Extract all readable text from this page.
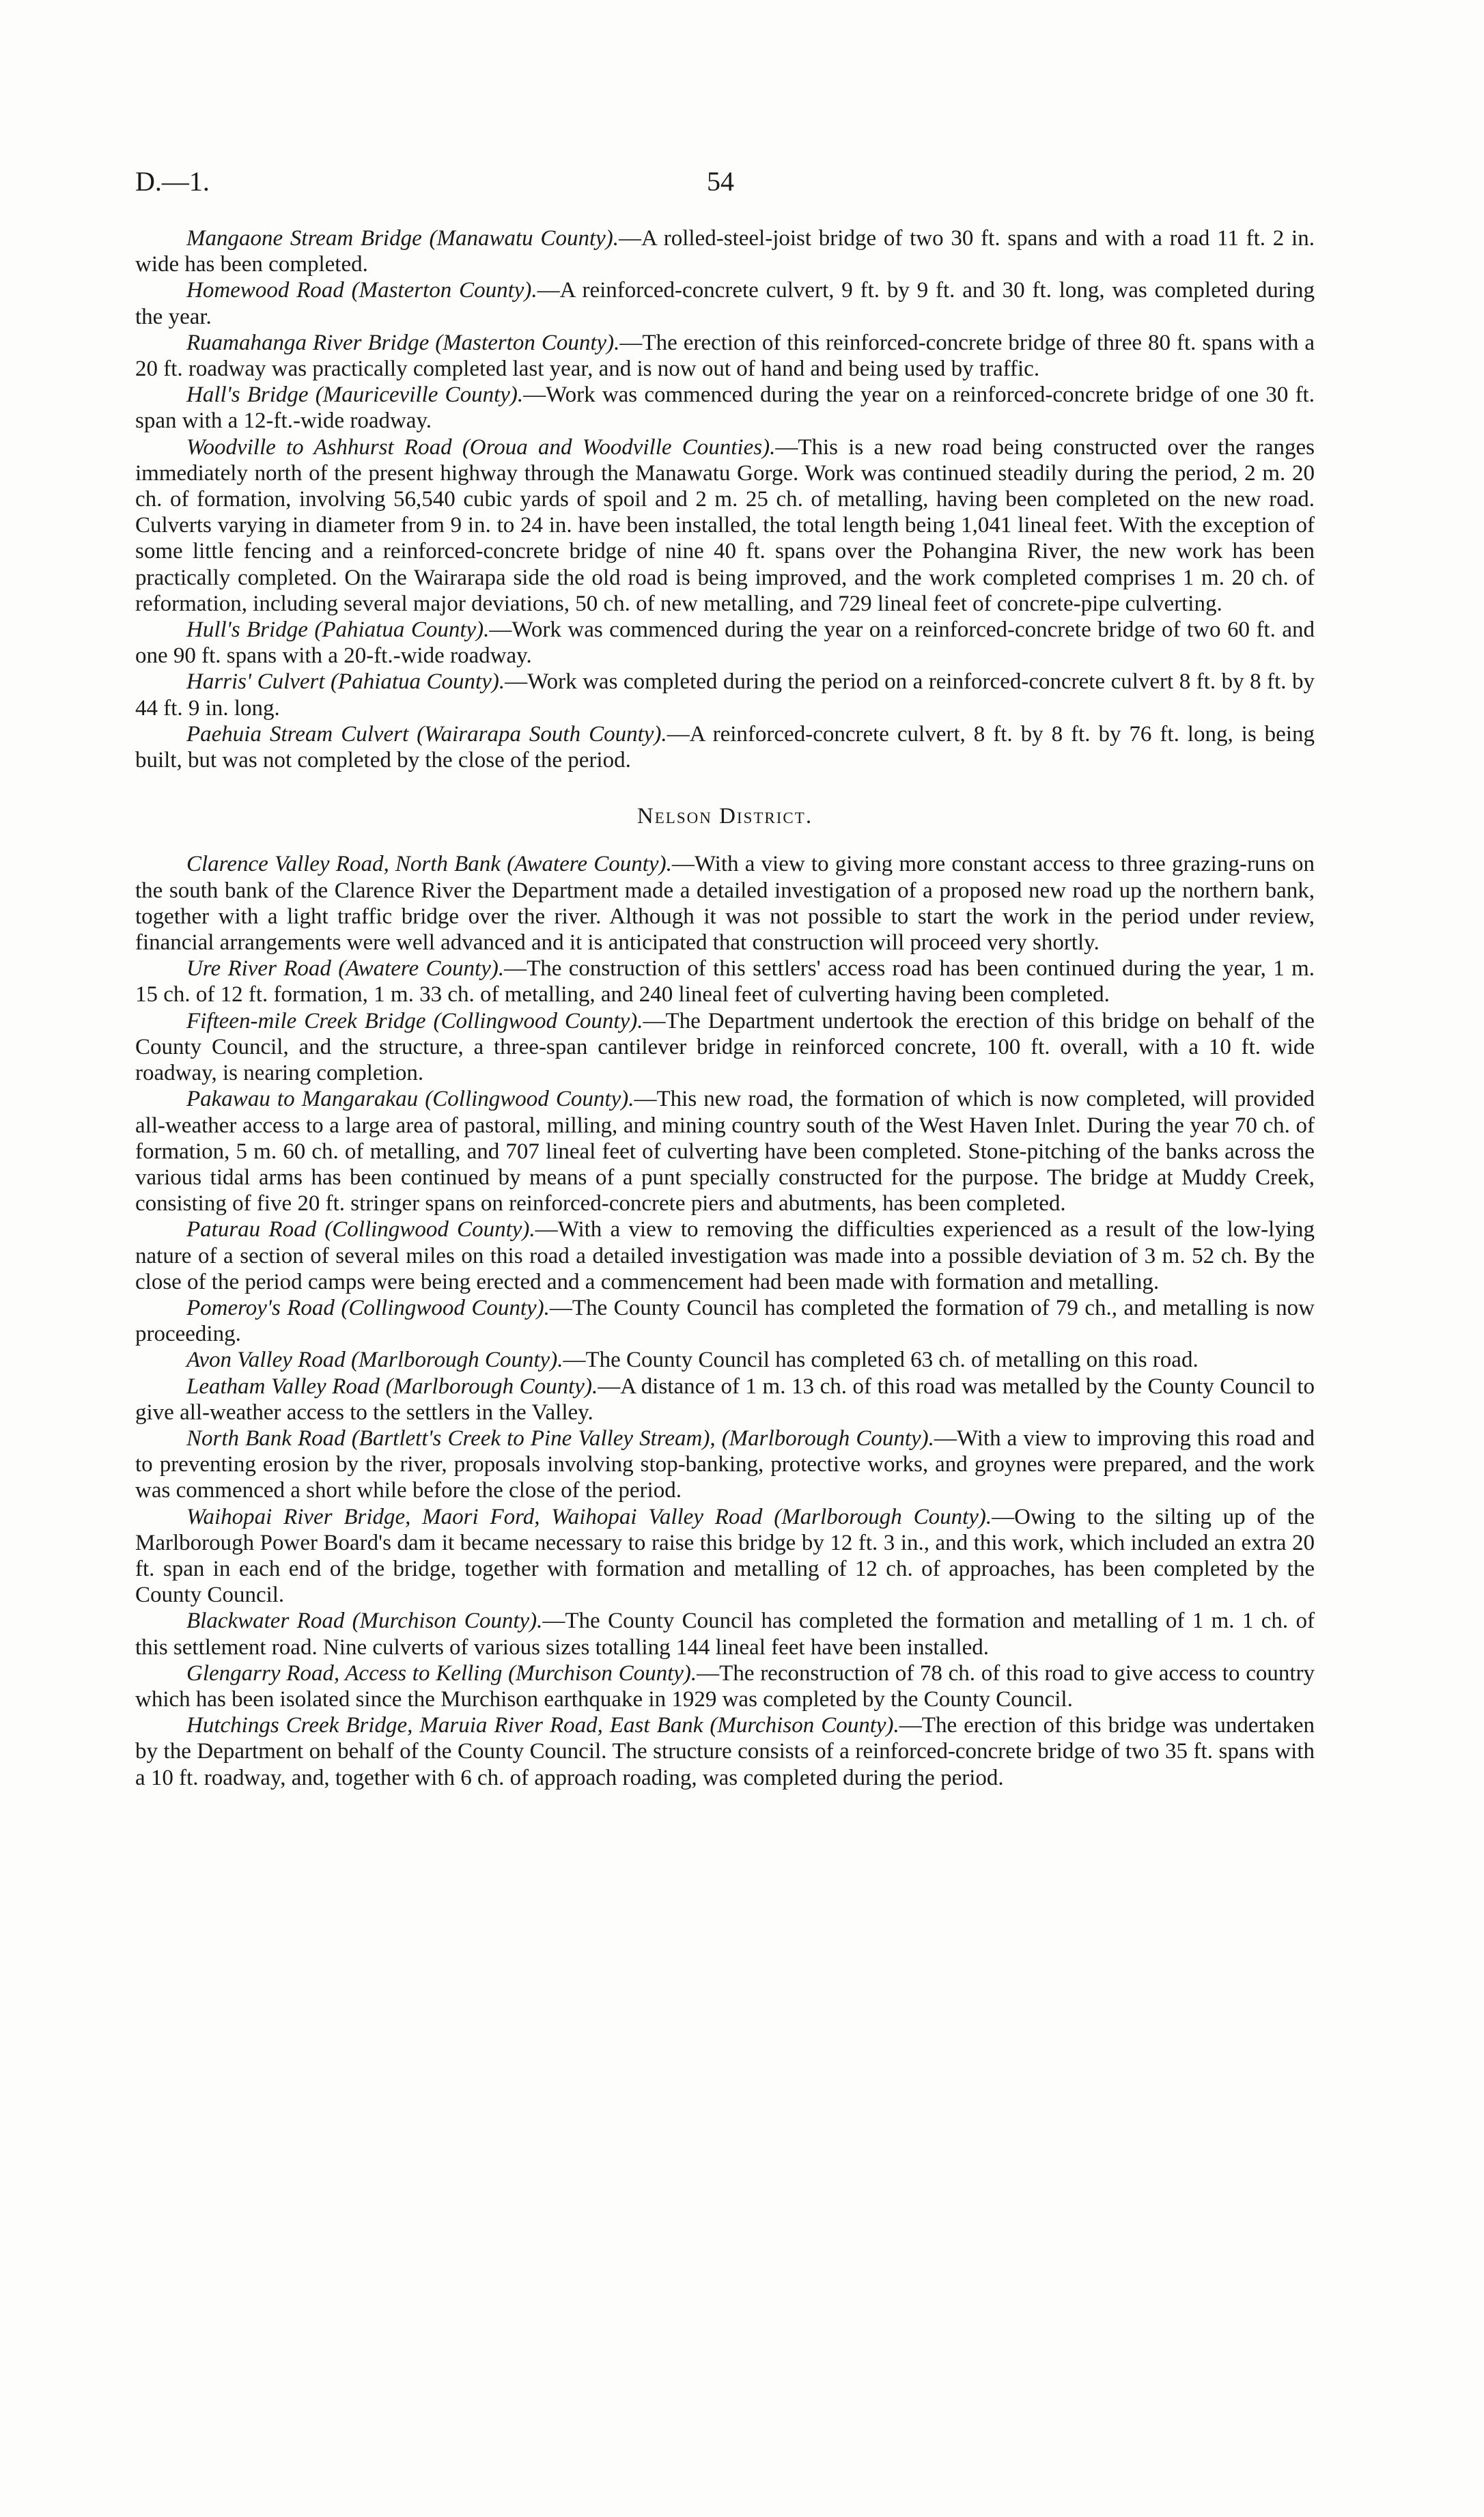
D.—1.	54

Mangaone Stream Bridge (Manawatu County).—A rolled-steel-joist bridge of two 30 ft. spans and with a road 11 ft. 2 in. wide has been completed.

Homewood Road (Masterton County).—A reinforced-concrete culvert, 9 ft. by 9 ft. and 30 ft. long, was completed during the year.

Ruamahanga River Bridge (Masterton County).—The erection of this reinforced-concrete bridge of three 80 ft. spans with a 20 ft. roadway was practically completed last year, and is now out of hand and being used by traffic.

Hall's Bridge (Mauriceville County).—Work was commenced during the year on a reinforced-concrete bridge of one 30 ft. span with a 12-ft.-wide roadway.

Woodville to Ashhurst Road (Oroua and Woodville Counties).—This is a new road being constructed over the ranges immediately north of the present highway through the Manawatu Gorge. Work was continued steadily during the period, 2 m. 20 ch. of formation, involving 56,540 cubic yards of spoil and 2 m. 25 ch. of metalling, having been completed on the new road. Culverts varying in diameter from 9 in. to 24 in. have been installed, the total length being 1,041 lineal feet. With the exception of some little fencing and a reinforced-concrete bridge of nine 40 ft. spans over the Pohangina River, the new work has been practically completed. On the Wairarapa side the old road is being improved, and the work completed comprises 1 m. 20 ch. of reformation, including several major deviations, 50 ch. of new metalling, and 729 lineal feet of concrete-pipe culverting.

Hull's Bridge (Pahiatua County).—Work was commenced during the year on a reinforced-concrete bridge of two 60 ft. and one 90 ft. spans with a 20-ft.-wide roadway.

Harris' Culvert (Pahiatua County).—Work was completed during the period on a reinforced-concrete culvert 8 ft. by 8 ft. by 44 ft. 9 in. long.

Paehuia Stream Culvert (Wairarapa South County).—A reinforced-concrete culvert, 8 ft. by 8 ft. by 76 ft. long, is being built, but was not completed by the close of the period.

Nelson District.

Clarence Valley Road, North Bank (Awatere County).—With a view to giving more constant access to three grazing-runs on the south bank of the Clarence River the Department made a detailed investigation of a proposed new road up the northern bank, together with a light traffic bridge over the river. Although it was not possible to start the work in the period under review, financial arrangements were well advanced and it is anticipated that construction will proceed very shortly.

Ure River Road (Awatere County).—The construction of this settlers' access road has been continued during the year, 1 m. 15 ch. of 12 ft. formation, 1 m. 33 ch. of metalling, and 240 lineal feet of culverting having been completed.

Fifteen-mile Creek Bridge (Collingwood County).—The Department undertook the erection of this bridge on behalf of the County Council, and the structure, a three-span cantilever bridge in reinforced concrete, 100 ft. overall, with a 10 ft. wide roadway, is nearing completion.

Pakawau to Mangarakau (Collingwood County).—This new road, the formation of which is now completed, will provided all-weather access to a large area of pastoral, milling, and mining country south of the West Haven Inlet. During the year 70 ch. of formation, 5 m. 60 ch. of metalling, and 707 lineal feet of culverting have been completed. Stone-pitching of the banks across the various tidal arms has been continued by means of a punt specially constructed for the purpose. The bridge at Muddy Creek, consisting of five 20 ft. stringer spans on reinforced-concrete piers and abutments, has been completed.

Paturau Road (Collingwood County).—With a view to removing the difficulties experienced as a result of the low-lying nature of a section of several miles on this road a detailed investigation was made into a possible deviation of 3 m. 52 ch. By the close of the period camps were being erected and a commencement had been made with formation and metalling.

Pomeroy's Road (Collingwood County).—The County Council has completed the formation of 79 ch., and metalling is now proceeding.

Avon Valley Road (Marlborough County).—The County Council has completed 63 ch. of metalling on this road.

Leatham Valley Road (Marlborough County).—A distance of 1 m. 13 ch. of this road was metalled by the County Council to give all-weather access to the settlers in the Valley.

North Bank Road (Bartlett's Creek to Pine Valley Stream), (Marlborough County).—With a view to improving this road and to preventing erosion by the river, proposals involving stop-banking, protective works, and groynes were prepared, and the work was commenced a short while before the close of the period.

Waihopai River Bridge, Maori Ford, Waihopai Valley Road (Marlborough County).—Owing to the silting up of the Marlborough Power Board's dam it became necessary to raise this bridge by 12 ft. 3 in., and this work, which included an extra 20 ft. span in each end of the bridge, together with formation and metalling of 12 ch. of approaches, has been completed by the County Council.

Blackwater Road (Murchison County).—The County Council has completed the formation and metalling of 1 m. 1 ch. of this settlement road. Nine culverts of various sizes totalling 144 lineal feet have been installed.

Glengarry Road, Access to Kelling (Murchison County).—The reconstruction of 78 ch. of this road to give access to country which has been isolated since the Murchison earthquake in 1929 was completed by the County Council.

Hutchings Creek Bridge, Maruia River Road, East Bank (Murchison County).—The erection of this bridge was undertaken by the Department on behalf of the County Council. The structure consists of a reinforced-concrete bridge of two 35 ft. spans with a 10 ft. roadway, and, together with 6 ch. of approach roading, was completed during the period.
